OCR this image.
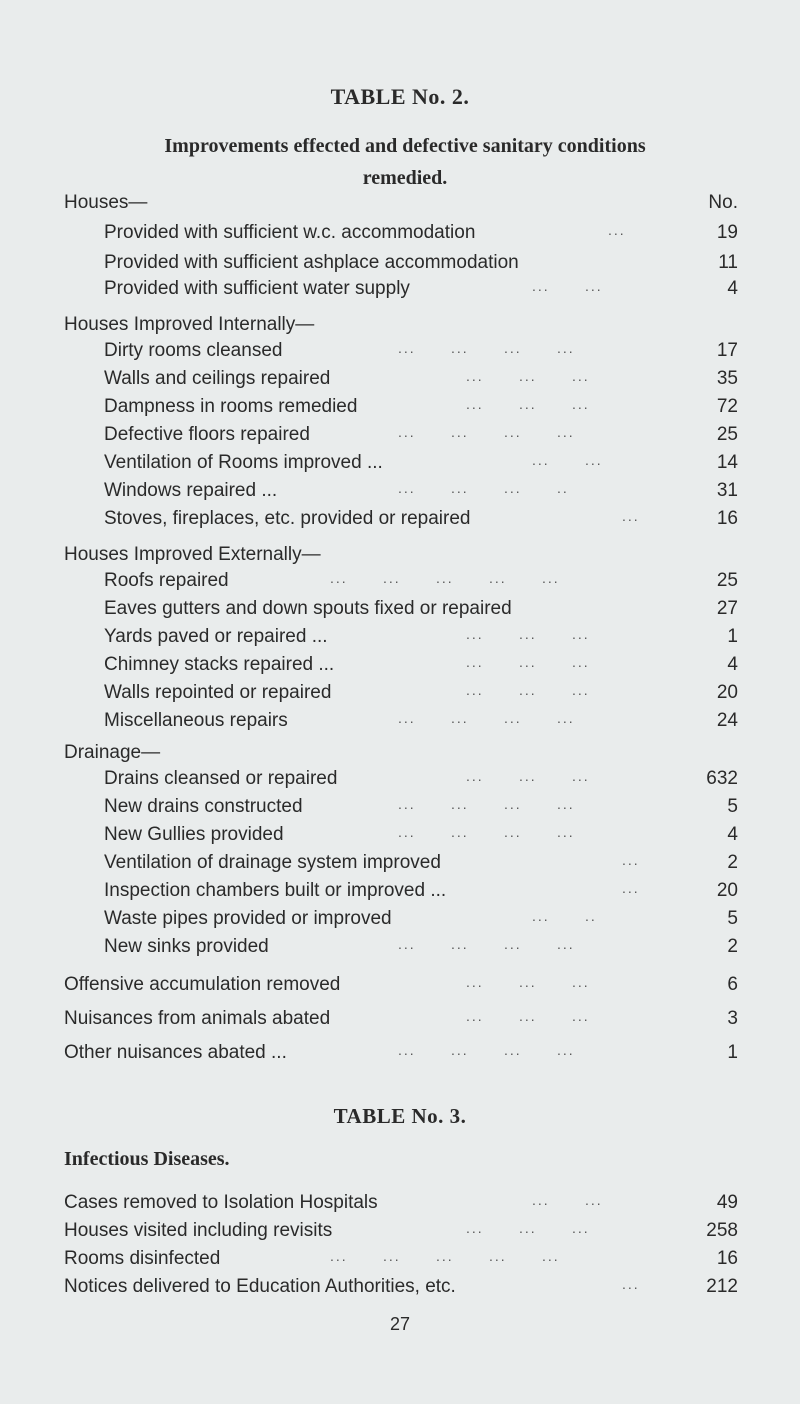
TABLE No. 2.
Improvements effected and defective sanitary conditions
remedied.
Houses—	No.
Provided with sufficient w.c. accommodation	...	19
Provided with sufficient ashplace accommodation	11
Provided with sufficient water supply	...      ...	4
Houses Improved Internally—
Dirty rooms cleansed	...      ...      ...      ...	17
Walls and ceilings repaired	...      ...      ...	35
Dampness in rooms remedied	...      ...      ...	72
Defective floors repaired	...      ...      ...      ...	25
Ventilation of Rooms improved ...	...      ...	14
Windows repaired ...	...      ...      ...      ..	31
Stoves, fireplaces, etc. provided or repaired	...	16
Houses Improved Externally—
Roofs repaired	...      ...      ...      ...      ...	25
Eaves gutters and down spouts fixed or repaired	27
Yards paved or repaired ...	...      ...      ...	1
Chimney stacks repaired ...	...      ...      ...	4
Walls repointed or repaired	...      ...      ...	20
Miscellaneous repairs	...      ...      ...      ...	24
Drainage—
Drains cleansed or repaired	...      ...      ...	632
New drains constructed	...      ...      ...      ...	5
New Gullies provided	...      ...      ...      ...	4
Ventilation of drainage system improved	...	2
Inspection chambers built or improved ...	...	20
Waste pipes provided or improved	...      ..	5
New sinks provided	...      ...      ...      ...	2
Offensive accumulation removed	...      ...      ...	6
Nuisances from animals abated	...      ...      ...	3
Other nuisances abated ...	...      ...      ...      ...	1
TABLE No. 3.
Infectious Diseases.
Cases removed to Isolation Hospitals	...      ...	49
Houses visited including revisits	...      ...      ...	258
Rooms disinfected	...      ...      ...      ...      ...	16
Notices delivered to Education Authorities, etc.	...	212
27
